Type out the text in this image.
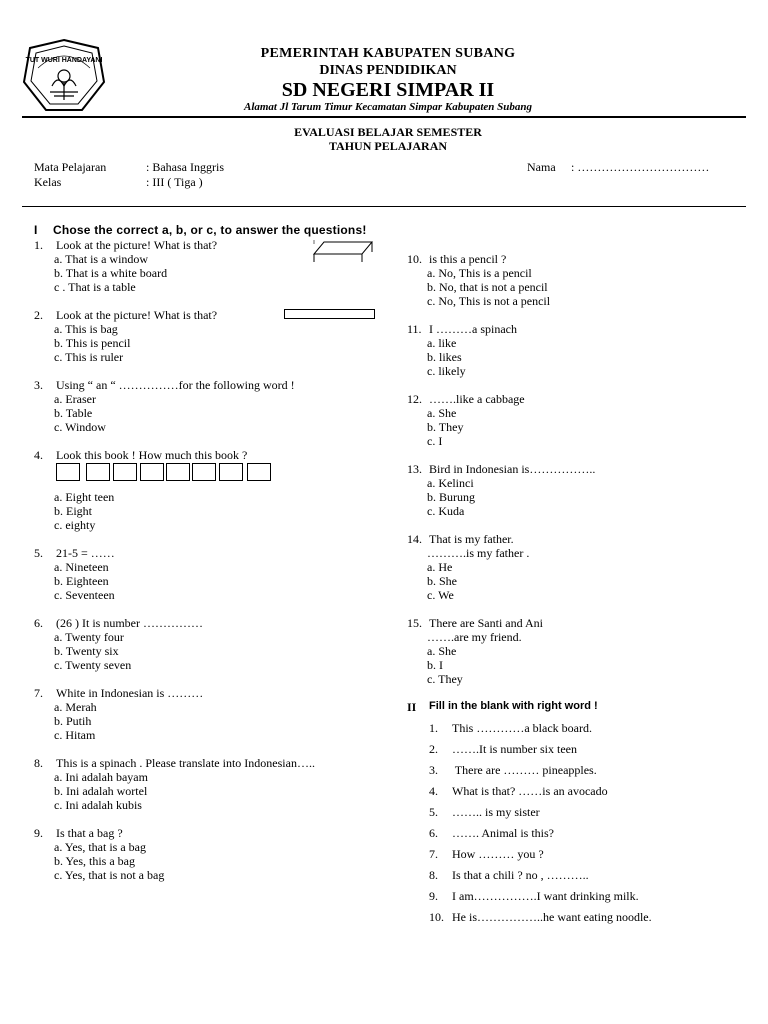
TUT WURI HANDAYANI	PEMERINTAH KABUPATEN SUBANG
DINAS PENDIDIKAN
SD NEGERI SIMPAR II
Alamat Jl Tarum Timur Kecamatan Simpar Kabupaten Subang
EVALUASI BELAJAR SEMESTER
TAHUN PELAJARAN
Mata Pelajaran	: Bahasa Inggris
Kelas	: III ( Tiga )
Nama : ……………………………
I Chose the correct a, b, or c, to answer the questions!
1. Look at the picture! What is that?
a. That is a window
b. That is a white board
c . That is a table
2. Look at the picture! What is that?
a. This is bag
b. This is pencil
c. This is ruler
3. Using “ an “ ……………for the following word !
a. Eraser
b. Table
c. Window
4. Look this book ! How much this book ?
a. Eight teen
b. Eight
c. eighty
5. 21-5 = ……
a. Nineteen
b. Eighteen
c. Seventeen
6. (26 ) It is number ……………
a. Twenty four
b. Twenty six
c. Twenty seven
7. White in Indonesian is ………
a. Merah
b. Putih
c. Hitam
8. This is a spinach . Please translate into Indonesian…..
a. Ini adalah bayam
b. Ini adalah wortel
c. Ini adalah kubis
9. Is that a bag ?
a. Yes, that is a bag
b. Yes, this a bag
c. Yes, that is not a bag
10. is this a pencil ?
a. No, This is a pencil
b. No, that is not a pencil
c. No, This is not a pencil
11. I ………a spinach
a. like
b. likes
c. likely
12. …….like a cabbage
a. She
b. They
c. I
13. Bird in Indonesian is……………..
a. Kelinci
b. Burung
c. Kuda
14. That is my father.
……….is my father .
a. He
b. She
c. We
15. There are Santi and Ani
…….are my friend.
a. She
b. I
c. They
II Fill in the blank with right word !
1. This …………a black board.
2. …….It is number six teen
3. There are ……… pineapples.
4. What is that? ……is an avocado
5. …….. is my sister
6. ……. Animal is this?
7. How ……… you ?
8. Is that a chili ? no , ………..
9. I am…………….I want drinking milk.
10. He is……………..he want eating noodle.
